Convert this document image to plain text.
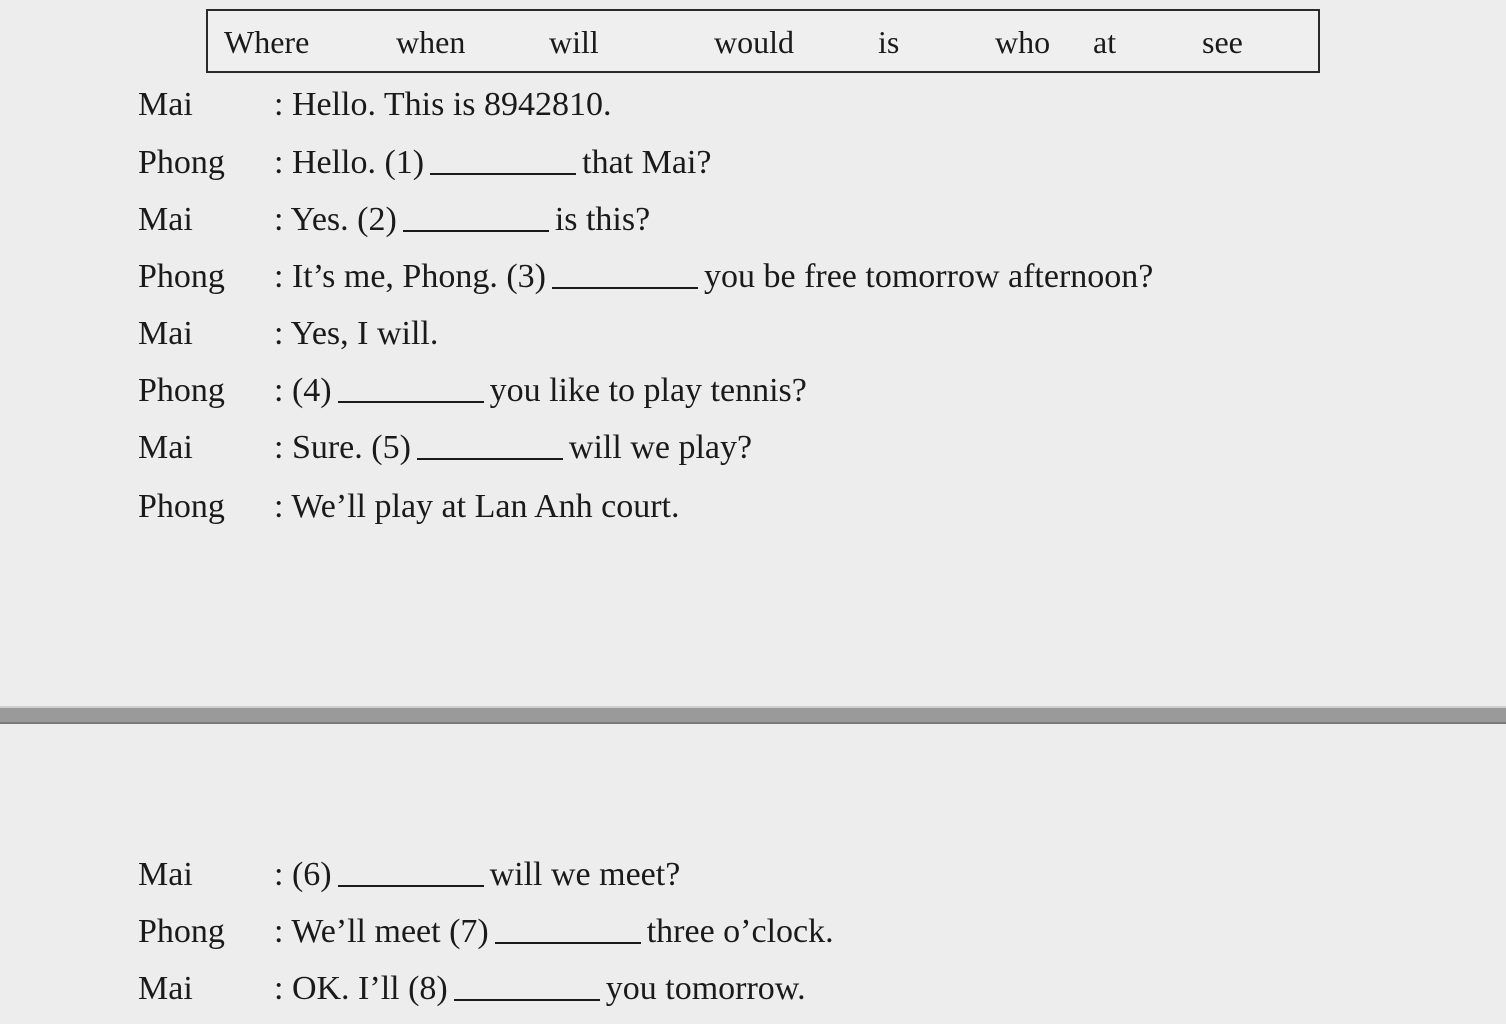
Where	when	will	would	is	who at	see
Mai : Hello. This is 8942810.
Phong : Hello. (1)	that Mai?
Mai : Yes. (2)	is this?
Phong : It’s me, Phong. (3)	you be free tomorrow afternoon?
Mai : Yes, I will.
Phong : (4)	you like to play tennis?
Mai : Sure. (5)	will we play?
Phong : We’ll play at Lan Anh court.
Mai : (6)	will we meet?
Phong : We’ll meet (7)	three o’clock.
Mai : OK. I’ll (8)	you tomorrow.
